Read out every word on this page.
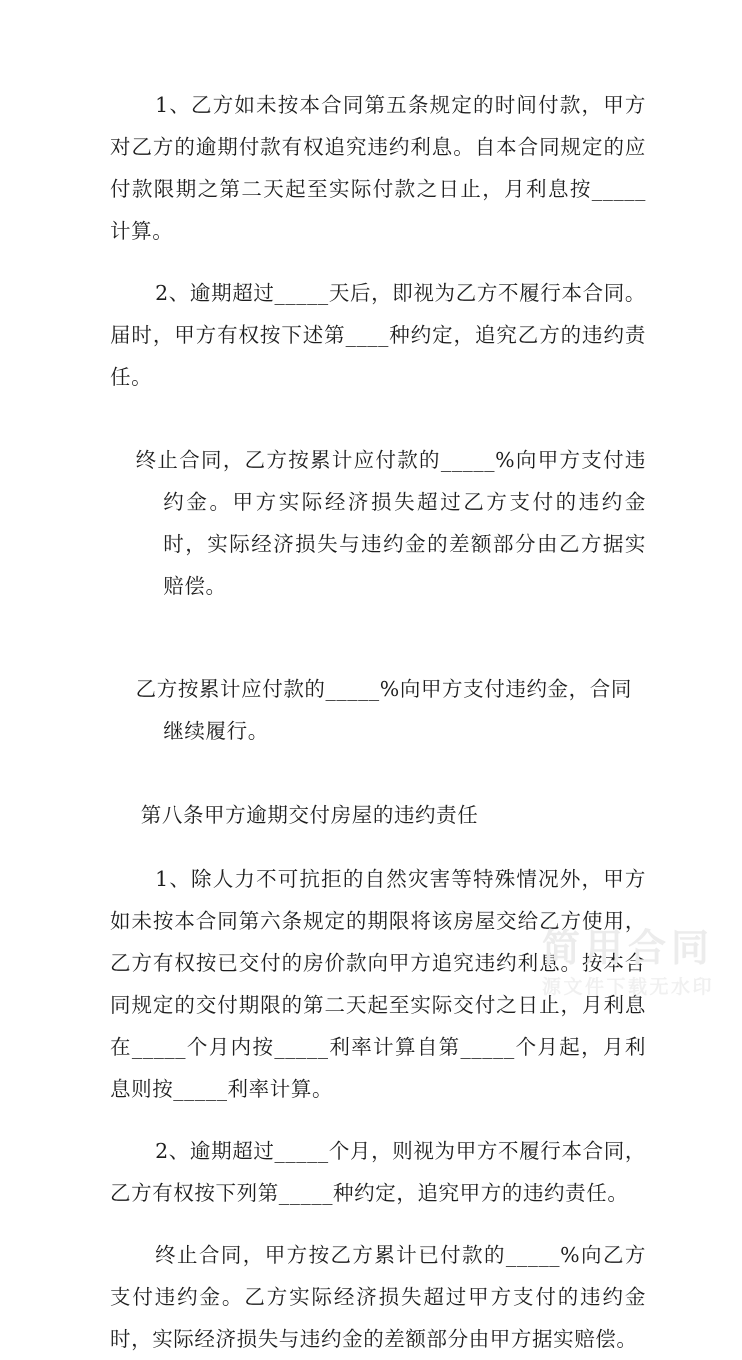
1、乙方如未按本合同第五条规定的时间付款，甲方对乙方的逾期付款有权追究违约利息。自本合同规定的应付款限期之第二天起至实际付款之日止，月利息按_____计算。

2、逾期超过_____天后，即视为乙方不履行本合同。届时，甲方有权按下述第____种约定，追究乙方的违约责任。

终止合同，乙方按累计应付款的_____%向甲方支付违约金。甲方实际经济损失超过乙方支付的违约金时，实际经济损失与违约金的差额部分由乙方据实赔偿。

乙方按累计应付款的_____%向甲方支付违约金，合同继续履行。

第八条甲方逾期交付房屋的违约责任

1、除人力不可抗拒的自然灾害等特殊情况外，甲方如未按本合同第六条规定的期限将该房屋交给乙方使用，乙方有权按已交付的房价款向甲方追究违约利息。按本合同规定的交付期限的第二天起至实际交付之日止，月利息在_____个月内按_____利率计算自第_____个月起，月利息则按_____利率计算。

2、逾期超过_____个月，则视为甲方不履行本合同，乙方有权按下列第_____种约定，追究甲方的违约责任。

终止合同，甲方按乙方累计已付款的_____%向乙方支付违约金。乙方实际经济损失超过甲方支付的违约金时，实际经济损失与违约金的差额部分由甲方据实赔偿。

简用合同
源文件下载无水印
